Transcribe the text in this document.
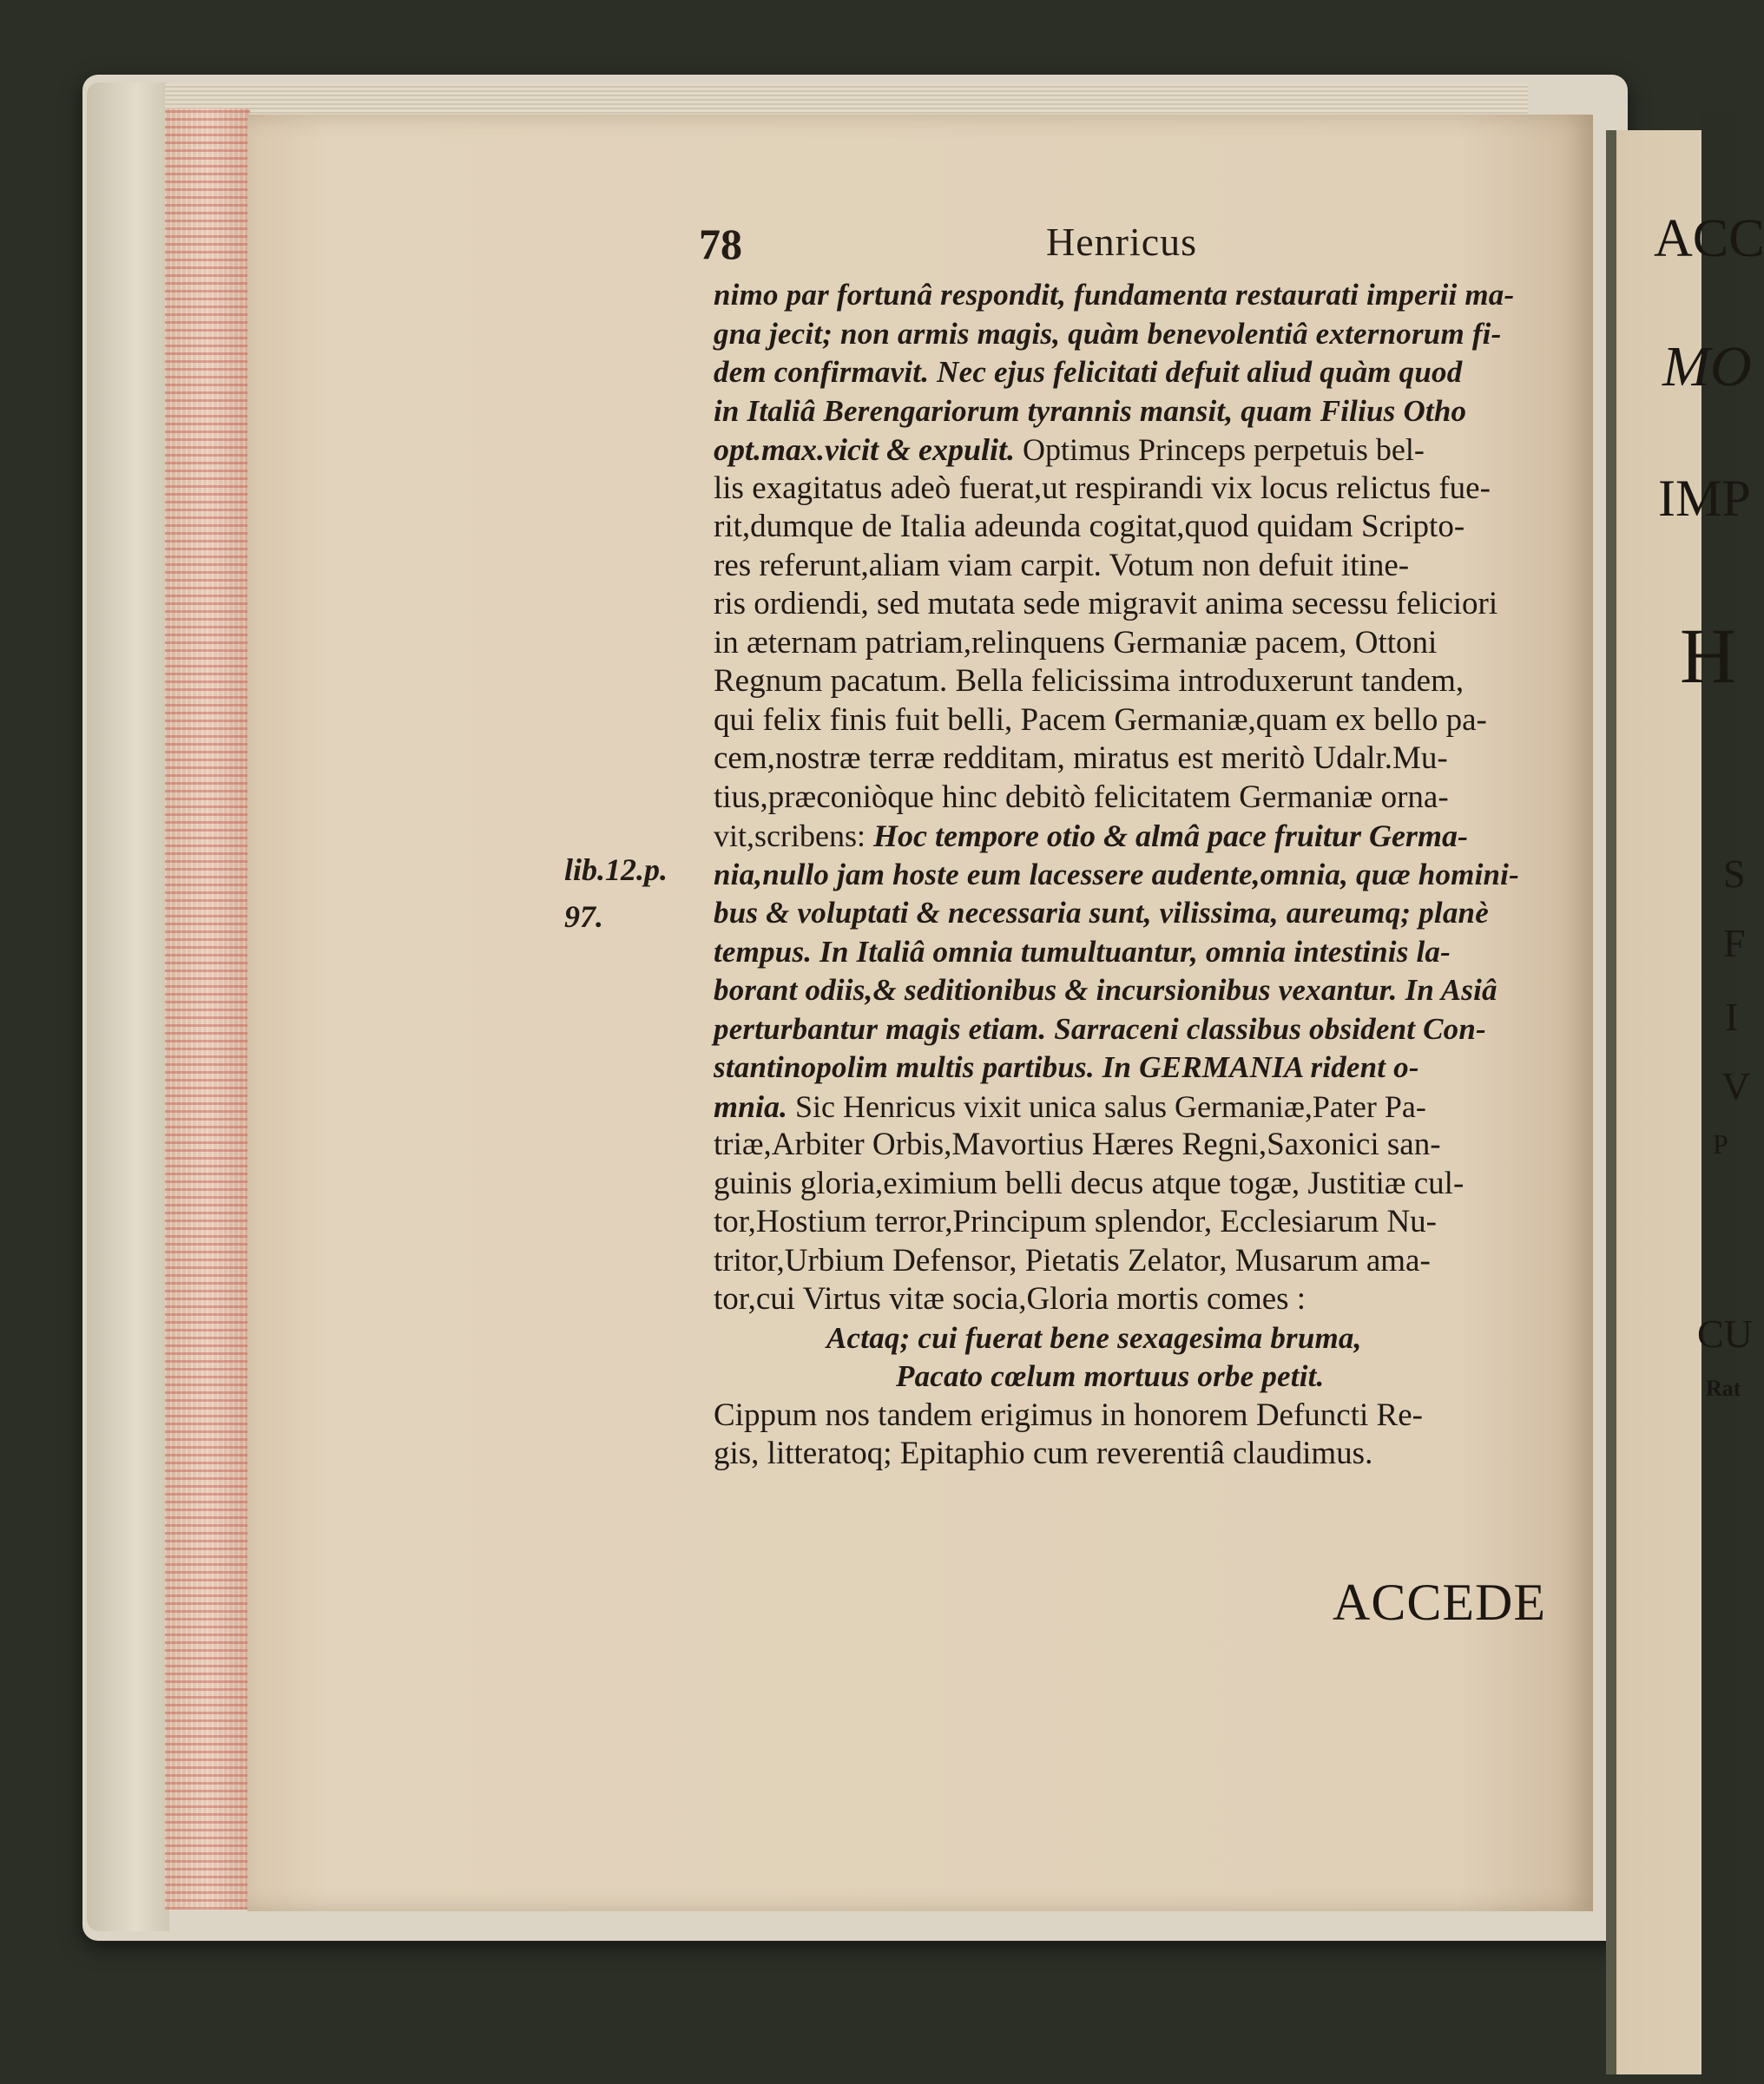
ACC
MO
IMP
H
S
F
I
V
P
CU
Rat
78	Henricus
nimo par fortunâ respondit, fundamenta restaurati imperii ma-
gna jecit; non armis magis, quàm benevolentiâ externorum fi-
dem confirmavit. Nec ejus felicitati defuit aliud quàm quod
in Italiâ Berengariorum tyrannis mansit, quam Filius Otho
opt.max.vicit & expulit. Optimus Princeps perpetuis bel-
lis exagitatus adeò fuerat,ut respirandi vix locus relictus fue-
rit,dumque de Italia adeunda cogitat,quod quidam Scripto-
res referunt,aliam viam carpit. Votum non defuit itine-
ris ordiendi, sed mutata sede migravit anima secessu feliciori
in æternam patriam,relinquens Germaniæ pacem, Ottoni
Regnum pacatum. Bella felicissima introduxerunt tandem,
qui felix finis fuit belli, Pacem Germaniæ,quam ex bello pa-
cem,nostræ terræ redditam, miratus est meritò Udalr.Mu-
tius,præconiòque hinc debitò felicitatem Germaniæ orna-
vit,scribens: Hoc tempore otio & almâ pace fruitur Germa-
nia,nullo jam hoste eum lacessere audente,omnia, quæ homini-
bus & voluptati & necessaria sunt, vilissima, aureumq; planè
tempus. In Italiâ omnia tumultuantur, omnia intestinis la-
borant odiis,& seditionibus & incursionibus vexantur. In Asiâ
perturbantur magis etiam. Sarraceni classibus obsident Con-
stantinopolim multis partibus. In GERMANIA rident o-
mnia. Sic Henricus vixit unica salus Germaniæ,Pater Pa-
triæ,Arbiter Orbis,Mavortius Hæres Regni,Saxonici san-
guinis gloria,eximium belli decus atque togæ, Justitiæ cul-
tor,Hostium terror,Principum splendor, Ecclesiarum Nu-
tritor,Urbium Defensor, Pietatis Zelator, Musarum ama-
tor,cui Virtus vitæ socia,Gloria mortis comes :
Actaq; cui fuerat bene sexagesima bruma,
Pacato cœlum mortuus orbe petit.
Cippum nos tandem erigimus in honorem Defuncti Re-
gis, litteratoq; Epitaphio cum reverentiâ claudimus.
lib.12.p.
97.
ACCEDE
